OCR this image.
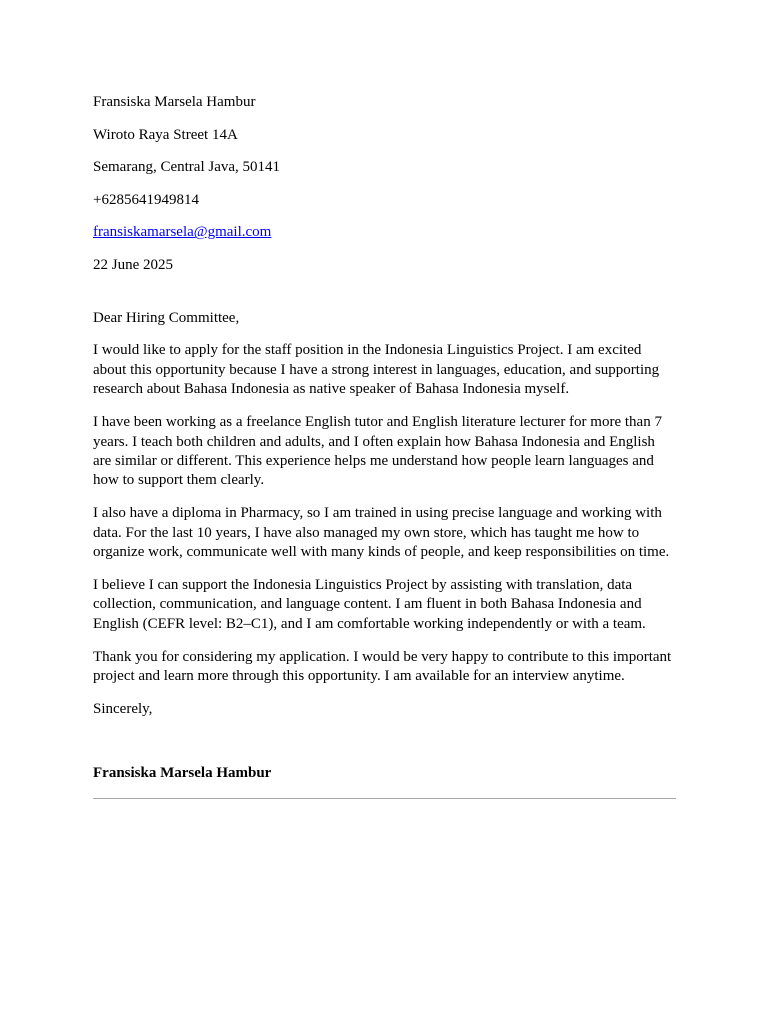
Fransiska Marsela Hambur

Wiroto Raya Street 14A

Semarang, Central Java, 50141

+6285641949814

fransiskamarsela@gmail.com

22 June 2025

Dear Hiring Committee,

I would like to apply for the staff position in the Indonesia Linguistics Project. I am excited about this opportunity because I have a strong interest in languages, education, and supporting research about Bahasa Indonesia as native speaker of Bahasa Indonesia myself.

I have been working as a freelance English tutor and English literature lecturer for more than 7 years. I teach both children and adults, and I often explain how Bahasa Indonesia and English are similar or different. This experience helps me understand how people learn languages and how to support them clearly.

I also have a diploma in Pharmacy, so I am trained in using precise language and working with data. For the last 10 years, I have also managed my own store, which has taught me how to organize work, communicate well with many kinds of people, and keep responsibilities on time.

I believe I can support the Indonesia Linguistics Project by assisting with translation, data collection, communication, and language content. I am fluent in both Bahasa Indonesia and English (CEFR level: B2–C1), and I am comfortable working independently or with a team.

Thank you for considering my application. I would be very happy to contribute to this important project and learn more through this opportunity. I am available for an interview anytime.

Sincerely,

Fransiska Marsela Hambur
